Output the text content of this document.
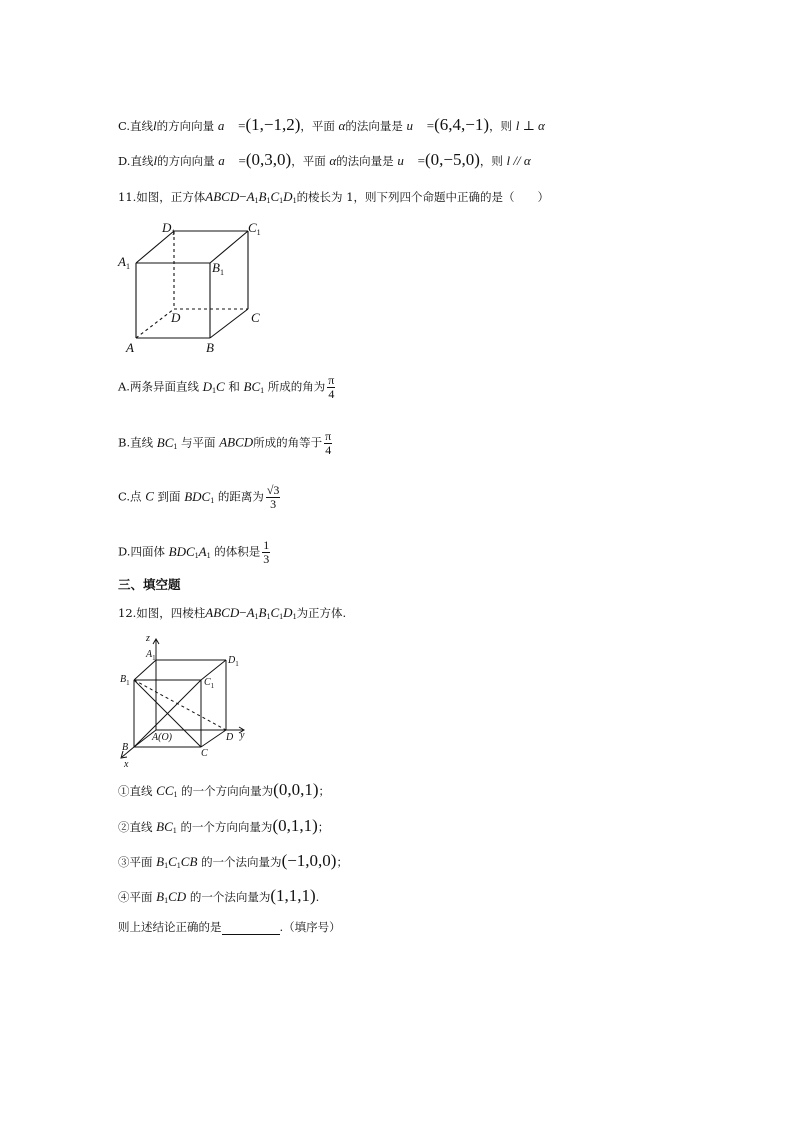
C.直线l的方向向量 a⃗ =(1,−1,2)，平面 α的法向量是 u⃗ =(6,4,−1)，则 l ⊥ α
D.直线l的方向向量 a⃗ =(0,3,0)，平面 α的法向量是 u⃗ =(0,−5,0)，则 l // α
11.如图，正方体$ABCD-A_1B_1C_1D_1$的棱长为 1，则下列四个命题中正确的是（　　）
$D_1$	$C_1$
$A_1$	$B_1$
D	C
A	B
A.两条异面直线 $D_1C$ 和 $BC_1$ 所成的角为 $\frac{\pi}{4}$
B.直线 $BC_1$ 与平面 ABCD所成的角等于 $\frac{\pi}{4}$
C.点 C 到面 $BDC_1$ 的距离为 $\frac{√3}{3}$
D.四面体 $BDC_1A_1$ 的体积是 $\frac{1}{3}$
三、填空题
12.如图，四棱柱$ABCD-A_1B_1C_1D_1$为正方体.
z
$A_1$	$D_1$
$B_1$	$C_1$
A(O)	D y
B
C
x
①直线 $CC_1$ 的一个方向向量为(0,0,1)；
②直线 $BC_1$ 的一个方向向量为(0,1,1)；
③平面 $B_1C_1CB$ 的一个法向量为(−1,0,0)；
④平面 $B_1CD$ 的一个法向量为(1,1,1).
则上述结论正确的是	.（填序号）
